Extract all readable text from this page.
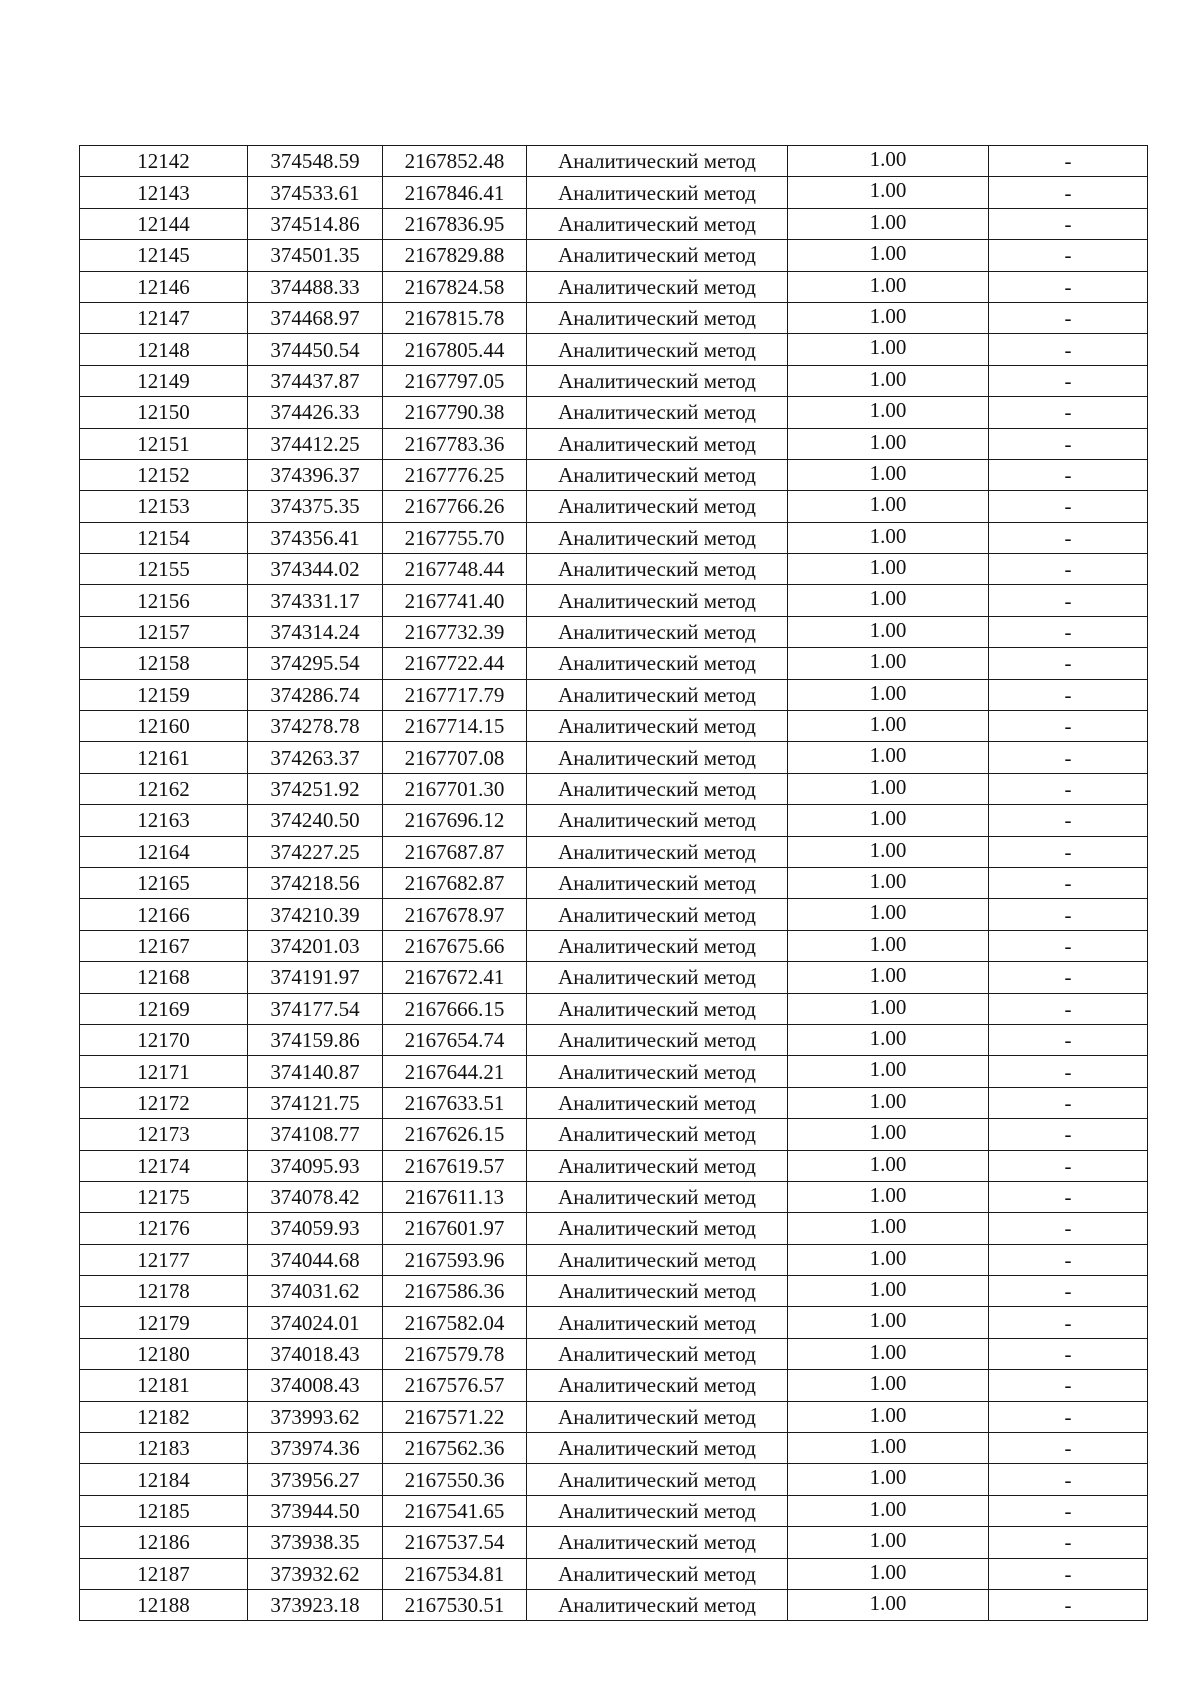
12142	374548.59	2167852.48	Аналитический метод	1.00	-
12143	374533.61	2167846.41	Аналитический метод	1.00	-
12144	374514.86	2167836.95	Аналитический метод	1.00	-
12145	374501.35	2167829.88	Аналитический метод	1.00	-
12146	374488.33	2167824.58	Аналитический метод	1.00	-
12147	374468.97	2167815.78	Аналитический метод	1.00	-
12148	374450.54	2167805.44	Аналитический метод	1.00	-
12149	374437.87	2167797.05	Аналитический метод	1.00	-
12150	374426.33	2167790.38	Аналитический метод	1.00	-
12151	374412.25	2167783.36	Аналитический метод	1.00	-
12152	374396.37	2167776.25	Аналитический метод	1.00	-
12153	374375.35	2167766.26	Аналитический метод	1.00	-
12154	374356.41	2167755.70	Аналитический метод	1.00	-
12155	374344.02	2167748.44	Аналитический метод	1.00	-
12156	374331.17	2167741.40	Аналитический метод	1.00	-
12157	374314.24	2167732.39	Аналитический метод	1.00	-
12158	374295.54	2167722.44	Аналитический метод	1.00	-
12159	374286.74	2167717.79	Аналитический метод	1.00	-
12160	374278.78	2167714.15	Аналитический метод	1.00	-
12161	374263.37	2167707.08	Аналитический метод	1.00	-
12162	374251.92	2167701.30	Аналитический метод	1.00	-
12163	374240.50	2167696.12	Аналитический метод	1.00	-
12164	374227.25	2167687.87	Аналитический метод	1.00	-
12165	374218.56	2167682.87	Аналитический метод	1.00	-
12166	374210.39	2167678.97	Аналитический метод	1.00	-
12167	374201.03	2167675.66	Аналитический метод	1.00	-
12168	374191.97	2167672.41	Аналитический метод	1.00	-
12169	374177.54	2167666.15	Аналитический метод	1.00	-
12170	374159.86	2167654.74	Аналитический метод	1.00	-
12171	374140.87	2167644.21	Аналитический метод	1.00	-
12172	374121.75	2167633.51	Аналитический метод	1.00	-
12173	374108.77	2167626.15	Аналитический метод	1.00	-
12174	374095.93	2167619.57	Аналитический метод	1.00	-
12175	374078.42	2167611.13	Аналитический метод	1.00	-
12176	374059.93	2167601.97	Аналитический метод	1.00	-
12177	374044.68	2167593.96	Аналитический метод	1.00	-
12178	374031.62	2167586.36	Аналитический метод	1.00	-
12179	374024.01	2167582.04	Аналитический метод	1.00	-
12180	374018.43	2167579.78	Аналитический метод	1.00	-
12181	374008.43	2167576.57	Аналитический метод	1.00	-
12182	373993.62	2167571.22	Аналитический метод	1.00	-
12183	373974.36	2167562.36	Аналитический метод	1.00	-
12184	373956.27	2167550.36	Аналитический метод	1.00	-
12185	373944.50	2167541.65	Аналитический метод	1.00	-
12186	373938.35	2167537.54	Аналитический метод	1.00	-
12187	373932.62	2167534.81	Аналитический метод	1.00	-
12188	373923.18	2167530.51	Аналитический метод	1.00	-
